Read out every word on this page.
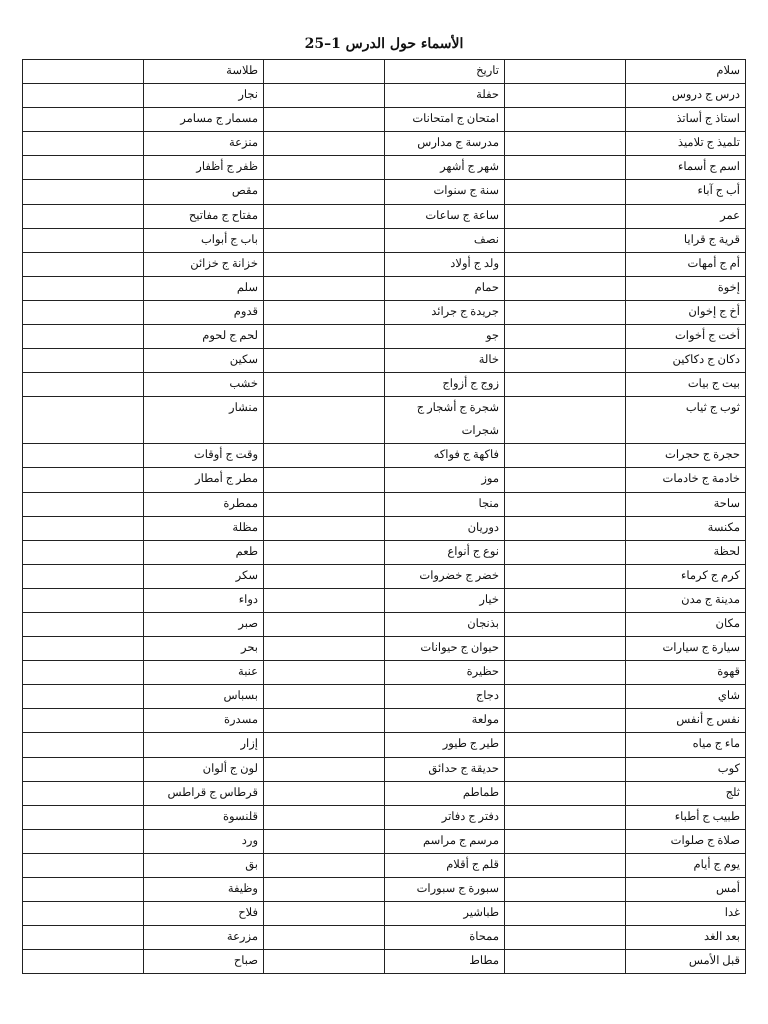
الأسماء حول الدرس 1–25
سلام		تاريخ		طلاسة	
درس ج دروس		حفلة		نجار	
استاذ ج أساتذ		امتحان ج امتحانات		مسمار ج مسامر	
تلميذ ج تلاميذ		مدرسة ج مدارس		منزعة	
اسم ج أسماء		شهر ج أشهر		ظفر ج أظفار	
أب ج آباء		سنة ج سنوات		مقص	
عمر		ساعة ج ساعات		مفتاح ج مفاتيح	
قرية ج قرايا		نصف		باب ج أبواب	
أم ج أمهات		ولد ج أولاد		خزانة ج خزائن	
إخوة		حمام		سلم	
أخ ج إخوان		جريدة ج جرائد		قدوم	
أخت ج أخوات		جو		لحم ج لحوم	
دكان ج دكاكين		خالة		سكين	
بيت ج بيات		زوج ج أزواج		خشب	
ثوب ج ثياب		شجرة ج أشجار ج شجرات		منشار	
حجرة ج حجرات		فاكهة ج فواكه		وقت ج أوقات	
خادمة ج خادمات		موز		مطر ج أمطار	
ساحة		منجا		ممطرة	
مكنسة		دوريان		مظلة	
لحظة		نوع ج أنواع		طعم	
كرم ج كرماء		خضر ج خضروات		سكر	
مدينة ج مدن		خيار		دواء	
مكان		بذنجان		صبر	
سيارة ج سيارات		حيوان ج حيوانات		بحر	
قهوة		حظيرة		عنبة	
شاي		دجاج		بسباس	
نفس ج أنفس		مولعة		مسدرة	
ماء ج مياه		طير ج طيور		إزار	
كوب		حديقة ج حدائق		لون ج ألوان	
ثلج		طماطم		قرطاس ج قراطس	
طبيب ج أطباء		دفتر ج دفاتر		قلنسوة	
صلاة ج صلوات		مرسم ج مراسم		ورد	
يوم ج أيام		قلم ج أقلام		بق	
أمس		سبورة ج سبورات		وظيفة	
غدا		طباشير		فلاح	
بعد الغد		ممحاة		مزرعة	
قبل الأمس		مطاط		صباح	
